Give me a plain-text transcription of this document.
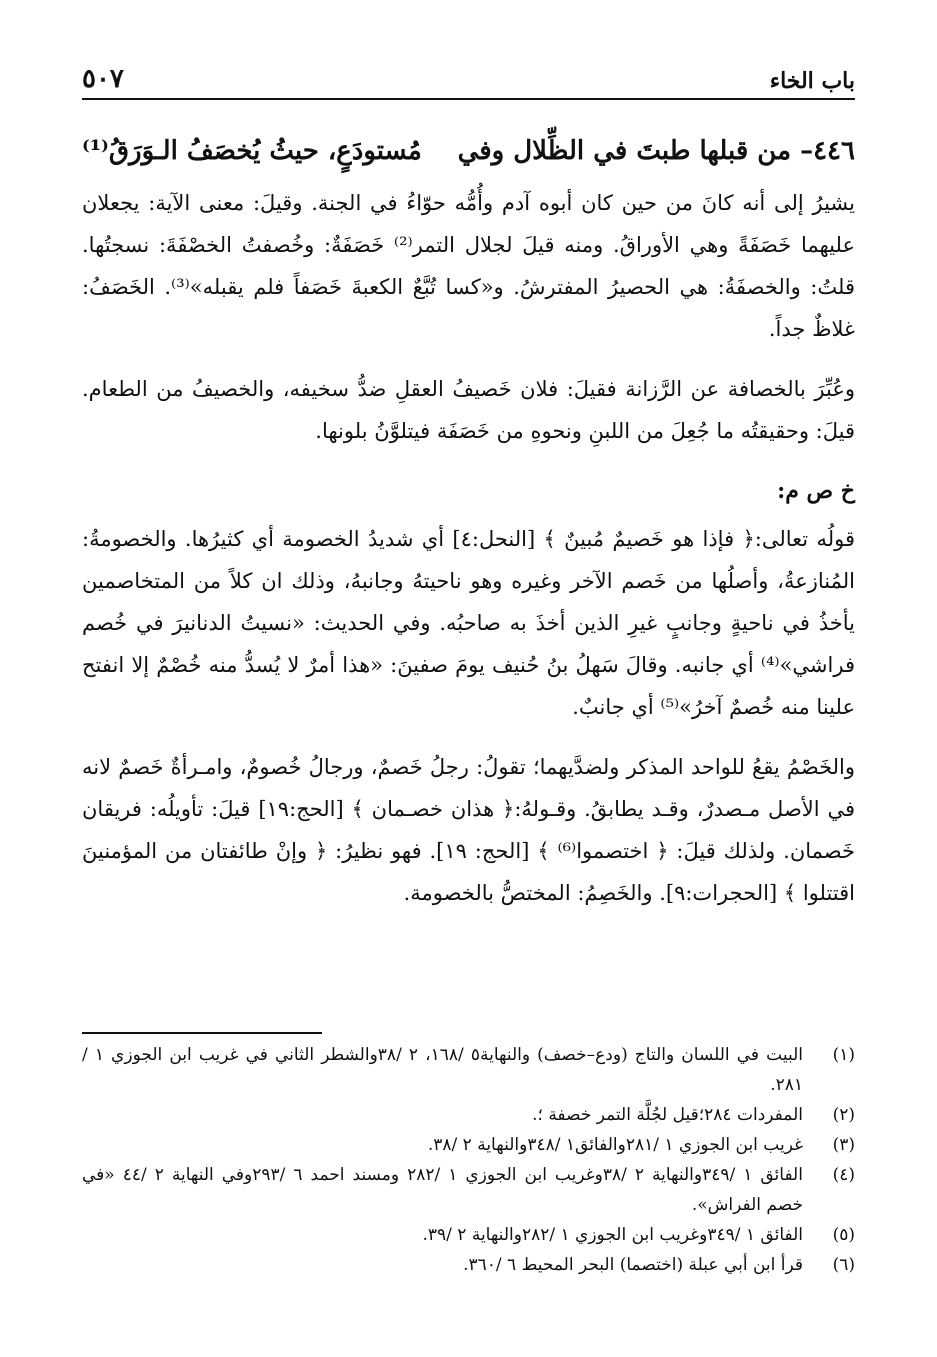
باب الخاء
٥٠٧
٤٤٦– من قبلها طبتَ في الظِّلال وفي
مُستودَعٍ، حيثُ يُخصَفُ الـوَرَقُ⁽¹⁾

يشيرُ إلى أنه كانَ من حين كان أبوه آدم وأُمُّه حوّاءُ في الجنة. وقيلَ: معنى الآية: يجعلان عليهما خَصَفَةً وهي الأوراقُ. ومنه قيلَ لجلال التمر⁽²⁾ خَصَفَةٌ: وخُصفتُ الخصْفَةَ: نسجتُها. قلتُ: والخصفَةُ: هي الحصيرُ المفترشُ. و«كسا تُبَّعٌ الكعبةَ خَصَفاً فلم يقبله»⁽³⁾. الخَصَفُ: غلاظٌ جداً.

وعُبِّرَ بالخصافة عن الرَّزانة فقيلَ: فلان خَصيفُ العقلِ ضدُّ سخيفه، والخصيفُ من الطعام. قيلَ: وحقيقتُه ما جُعِلَ من اللبنِ ونحوهِ من خَصَفَة فيتلوَّنُ بلونها.

خ ص م:

قولُه تعالى:﴿ فإذا هو خَصيمٌ مُبينٌ ﴾ [النحل:٤] أي شديدُ الخصومة أي كثيرُها. والخصومةُ: المُنازعةُ، وأصلُها من خَصم الآخر وغيره وهو ناحيتهُ وجانبهُ، وذلك ان كلاً من المتخاصمين يأخذُ في ناحيةٍ وجانبٍ غيرِ الذين أخذَ به صاحبُه. وفي الحديث: «نسيتُ الدنانيرَ في خُصم فراشي»⁽⁴⁾ أي جانبه. وقالَ سَهلُ بنُ حُنيف يومَ صفينَ: «هذا أمرٌ لا يُسدُّ منه خُصْمٌ إلا انفتح علينا منه خُصمٌ آخرُ»⁽⁵⁾ أي جانبٌ.

والخَصْمُ يقعُ للواحد المذكر ولضدَّيهما؛ تقولُ: رجلُ خَصمٌ، ورجالُ خُصومٌ، وامـرأةٌ خَصمٌ لانه في الأصل مـصدرٌ، وقـد يطابقُ. وقـولهُ:﴿ هذان خصـمان ﴾ [الحج:١٩] قيلَ: تأويلُه: فريقان خَصمان. ولذلك قيلَ: ﴿ اختصموا⁽⁶⁾ ﴾ [الحج: ١٩]. فهو نظيرُ: ﴿ وإنْ طائفتان من المؤمنينَ اقتتلوا ﴾ [الحجرات:٩]. والخَصِمُ: المختصُّ بالخصومة.

(١)
البيت في اللسان والتاج (ودع–خصف) والنهاية٥ /١٦٨، ٢ /٣٨والشطر الثاني في غريب ابن الجوزي ١ /٢٨١.
(٢)
المفردات ٢٨٤؛قيل لجُلَّة التمر خصفة ؛.
(٣)
غريب ابن الجوزي ١ /٢٨١والفائق١ /٣٤٨والنهاية ٢ /٣٨.
(٤)
الفائق ١ /٣٤٩والنهاية ٢ /٣٨وغريب ابن الجوزي ١ /٢٨٢ ومسند احمد ٦ /٢٩٣وفي النهاية ٢ /٤٤ «في خصم الفراش».
(٥)
الفائق ١ /٣٤٩وغريب ابن الجوزي ١ /٢٨٢والنهاية ٢ /٣٩.
(٦)
قرأ ابن أبي عبلة (اختصما) البحر المحيط ٦ /٣٦٠.
